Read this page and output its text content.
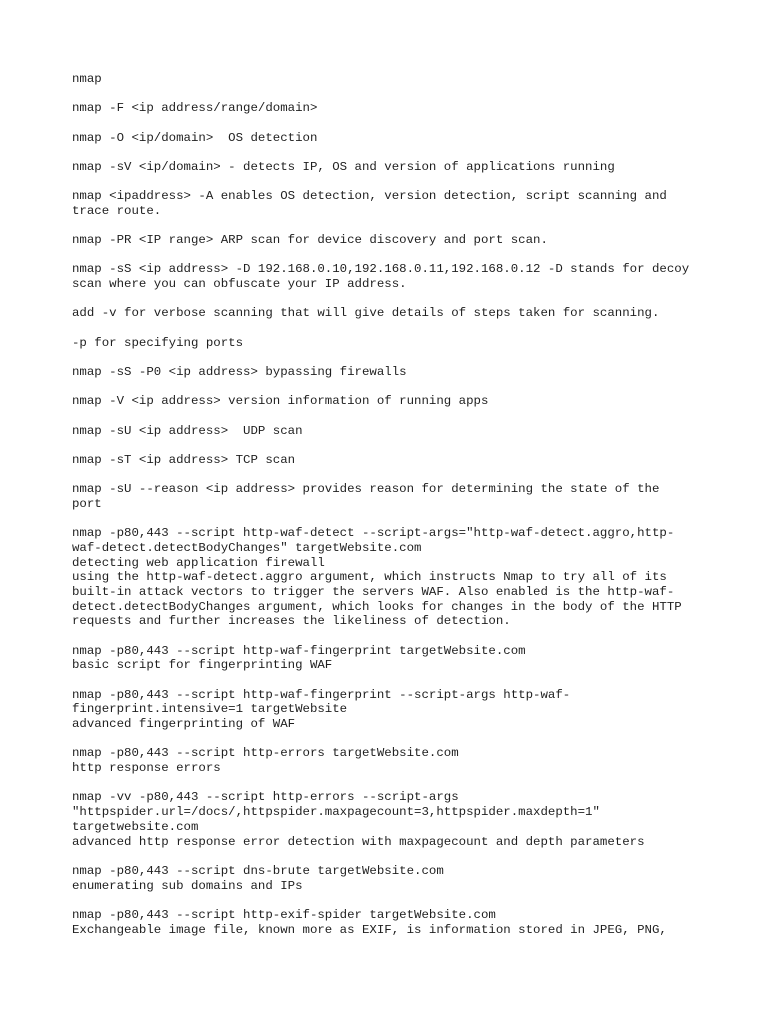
nmap
nmap -F <ip address/range/domain>
nmap -O <ip/domain>  OS detection
nmap -sV <ip/domain> - detects IP, OS and version of applications running
nmap <ipaddress> -A enables OS detection, version detection, script scanning and
trace route.
nmap -PR <IP range> ARP scan for device discovery and port scan.
nmap -sS <ip address> -D 192.168.0.10,192.168.0.11,192.168.0.12 -D stands for decoy
scan where you can obfuscate your IP address.
add -v for verbose scanning that will give details of steps taken for scanning.
-p for specifying ports
nmap -sS -P0 <ip address> bypassing firewalls
nmap -V <ip address> version information of running apps
nmap -sU <ip address>  UDP scan
nmap -sT <ip address> TCP scan
nmap -sU --reason <ip address> provides reason for determining the state of the
port
nmap -p80,443 --script http-waf-detect --script-args="http-waf-detect.aggro,http-
waf-detect.detectBodyChanges" targetWebsite.com
detecting web application firewall
using the http-waf-detect.aggro argument, which instructs Nmap to try all of its
built-in attack vectors to trigger the servers WAF. Also enabled is the http-waf-
detect.detectBodyChanges argument, which looks for changes in the body of the HTTP
requests and further increases the likeliness of detection.
nmap -p80,443 --script http-waf-fingerprint targetWebsite.com
basic script for fingerprinting WAF
nmap -p80,443 --script http-waf-fingerprint --script-args http-waf-
fingerprint.intensive=1 targetWebsite
advanced fingerprinting of WAF
nmap -p80,443 --script http-errors targetWebsite.com
http response errors
nmap -vv -p80,443 --script http-errors --script-args
"httpspider.url=/docs/,httpspider.maxpagecount=3,httpspider.maxdepth=1"
targetwebsite.com
advanced http response error detection with maxpagecount and depth parameters
nmap -p80,443 --script dns-brute targetWebsite.com
enumerating sub domains and IPs
nmap -p80,443 --script http-exif-spider targetWebsite.com
Exchangeable image file, known more as EXIF, is information stored in JPEG, PNG,
